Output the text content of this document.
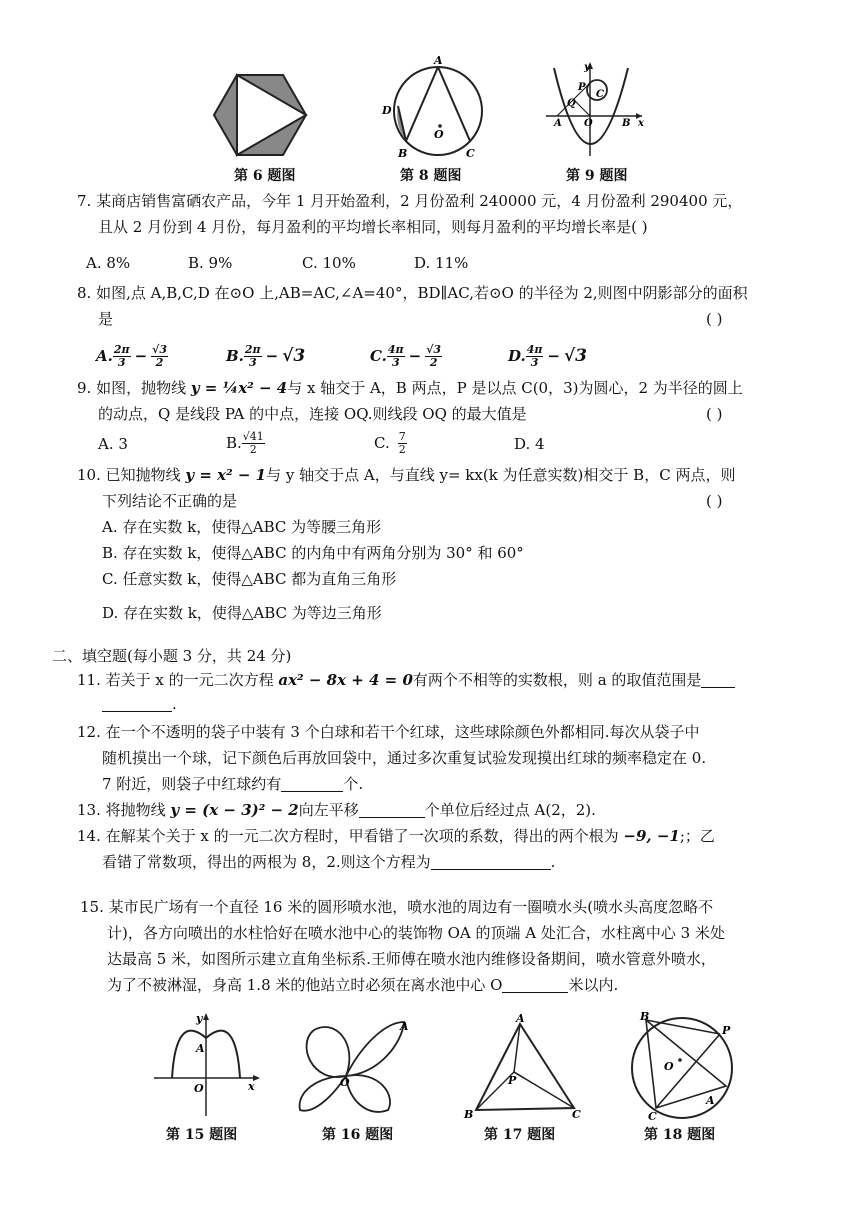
A
D
B	C
O
y
x
C
P
Q
A O	B
第 6 题图	第 8 题图	第 9 题图
7. 某商店销售富硒农产品，今年 1 月开始盈利，2 月份盈利 240000 元，4 月份盈利 290400 元，
且从 2 月份到 4 月份，每月盈利的平均增长率相同，则每月盈利的平均增长率是( )
A. 8%	B. 9%	C. 10%	D. 11%
8. 如图,点 A,B,C,D 在⊙O 上,AB=AC,∠A=40°，BD∥AC,若⊙O 的半径为 2,则图中阴影部分的面积
是	( )
A. $\frac{2\pi}{3} - \frac{√3}{2}$	B. $\frac{2\pi}{3} - √3$	C. $\frac{4\pi}{3} - \frac{√3}{2}$	D. $\frac{4\pi}{3} - √3$
9. 如图，抛物线 y = ¼x² − 4与 x 轴交于 A，B 两点，P 是以点 C(0，3)为圆心，2 为半径的圆上
的动点，Q 是线段 PA 的中点，连接 OQ.则线段 OQ 的最大值是	( )
A. 3	B. $\frac{√41}{2}$	C. $\frac{7}{2}$	D. 4
10. 已知抛物线 y = x² − 1与 y 轴交于点 A，与直线 y= kx(k 为任意实数)相交于 B，C 两点，则
下列结论不正确的是	( )
A. 存在实数 k，使得△ABC 为等腰三角形
B. 存在实数 k，使得△ABC 的内角中有两角分别为 30° 和 60°
C. 任意实数 k，使得△ABC 都为直角三角形
D. 存在实数 k，使得△ABC 为等边三角形
二、填空题(每小题 3 分，共 24 分)
11. 若关于 x 的一元二次方程 ax² − 8x + 4 = 0有两个不相等的实数根，则 a 的取值范围是
.
12. 在一个不透明的袋子中装有 3 个白球和若干个红球，这些球除颜色外都相同.每次从袋子中
随机摸出一个球，记下颜色后再放回袋中，通过多次重复试验发现摸出红球的频率稳定在 0.
7 附近，则袋子中红球约有	个.
13. 将抛物线 y = (x − 3)² − 2向左平移	个单位后经过点 A(2，2).
14. 在解某个关于 x 的一元二次方程时，甲看错了一次项的系数，得出的两个根为 −9, −1;；乙
看错了常数项，得出的两根为 8，2.则这个方程为	.
15. 某市民广场有一个直径 16 米的圆形喷水池，喷水池的周边有一圈喷水头(喷水头高度忽略不
计)，各方向喷出的水柱恰好在喷水池中心的装饰物 OA 的顶端 A 处汇合，水柱离中心 3 米处
达最高 5 米，如图所示建立直角坐标系.王师傅在喷水池内维修设备期间，喷水管意外喷水，
为了不被淋湿，身高 1.8 米的他站立时必须在离水池中心 O	米以内.
y
A
O	x
A
O
A
B	C
P
B
P
O
C
A
第 15 题图	第 16 题图	第 17 题图	第 18 题图
